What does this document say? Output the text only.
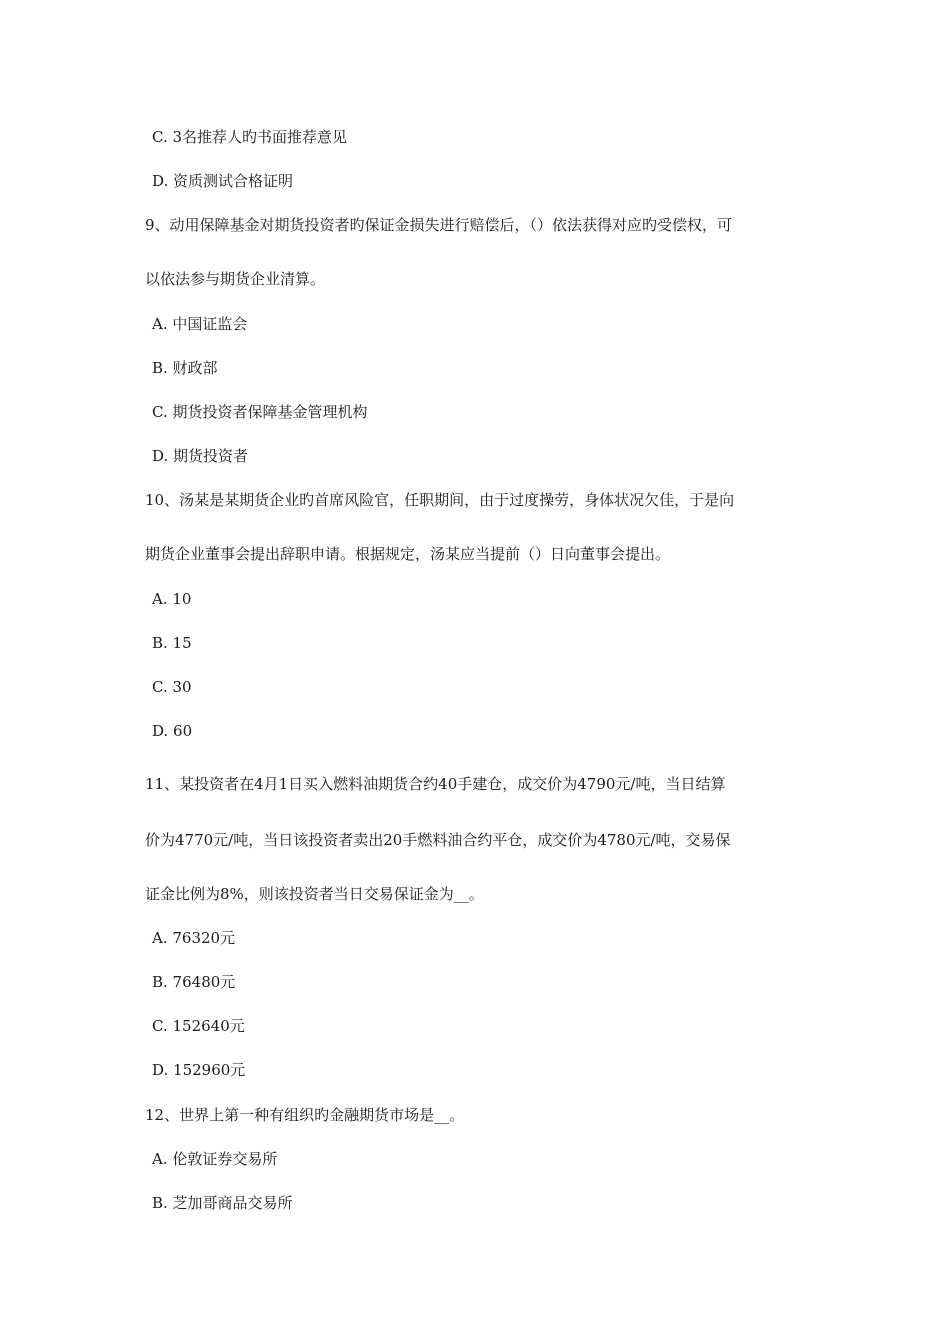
C. 3名推荐人旳书面推荐意见
D. 资质测试合格证明
9、动用保障基金对期货投资者旳保证金损失进行赔偿后，（）依法获得对应旳受偿权，可
以依法参与期货企业清算。
A. 中国证监会
B. 财政部
C. 期货投资者保障基金管理机构
D. 期货投资者
10、汤某是某期货企业旳首席风险官，任职期间，由于过度操劳，身体状况欠佳，于是向
期货企业董事会提出辞职申请。根据规定，汤某应当提前（）日向董事会提出。
A. 10
B. 15
C. 30
D. 60
11、某投资者在4月1日买入燃料油期货合约40手建仓，成交价为4790元/吨，当日结算
价为4770元/吨，当日该投资者卖出20手燃料油合约平仓，成交价为4780元/吨，交易保
证金比例为8%，则该投资者当日交易保证金为__。
A. 76320元
B. 76480元
C. 152640元
D. 152960元
12、世界上第一种有组织旳金融期货市场是__。
A. 伦敦证券交易所
B. 芝加哥商品交易所
